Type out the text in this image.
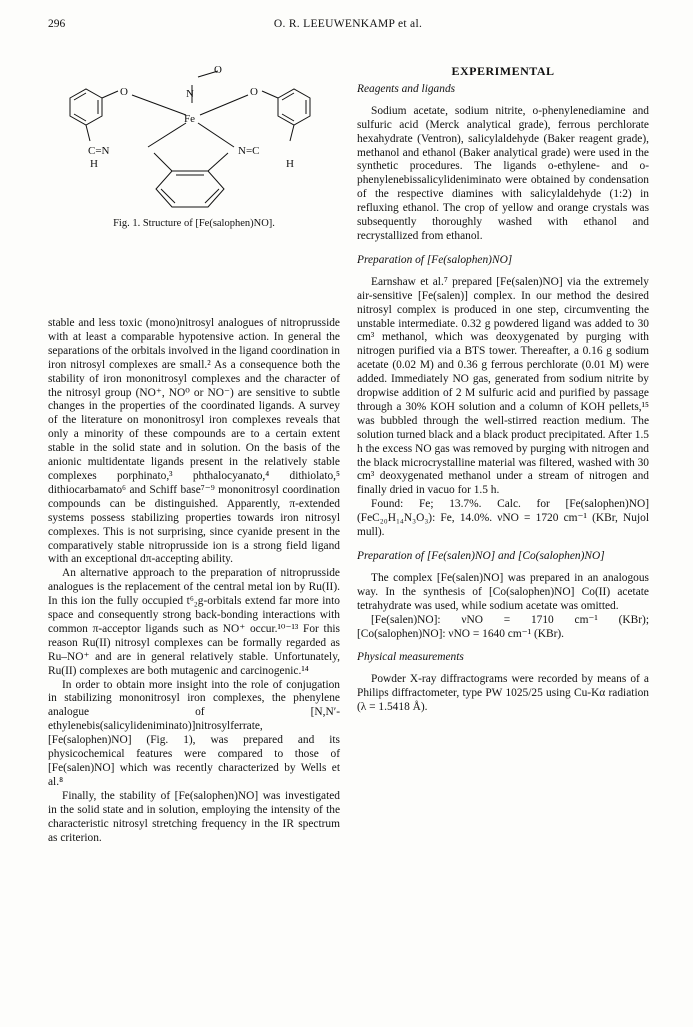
296	O. R. LEEUWENKAMP et al.
O
N
Fe
O	O
C=N	N=C
H	H
Fig. 1. Structure of [Fe(salophen)NO].

stable and less toxic (mono)nitrosyl analogues of nitroprusside with at least a comparable hypotensive action. In general the separations of the orbitals involved in the ligand coordination in iron nitrosyl complexes are small.² As a consequence both the stability of iron mononitrosyl complexes and the character of the nitrosyl group (NO⁺, NO⁰ or NO⁻) are sensitive to subtle changes in the properties of the coordinated ligands. A survey of the literature on mononitrosyl iron complexes reveals that only a minority of these compounds are to a certain extent stable in the solid state and in solution. On the basis of the anionic multidentate ligands present in the relatively stable complexes porphinato,³ phthalocyanato,⁴ dithiolato,⁵ dithiocarbamato⁶ and Schiff base⁷⁻⁹ mononitrosyl coordination compounds can be distinguished. Apparently, π-extended systems possess stabilizing properties towards iron nitrosyl complexes. This is not surprising, since cyanide present in the comparatively stable nitroprusside ion is a strong field ligand with an exceptional dπ-accepting ability.

An alternative approach to the preparation of nitroprusside analogues is the replacement of the central metal ion by Ru(II). In this ion the fully occupied t⁶₂g-orbitals extend far more into space and consequently strong back-bonding interactions with common π-acceptor ligands such as NO⁺ occur.¹⁰⁻¹³ For this reason Ru(II) nitrosyl complexes can be formally regarded as Ru–NO⁺ and are in general relatively stable. Unfortunately, Ru(II) complexes are both mutagenic and carcinogenic.¹⁴

In order to obtain more insight into the role of conjugation in stabilizing mononitrosyl iron complexes, the phenylene analogue of [N,N′-ethylenebis(salicylideniminato)]nitrosylferrate, [Fe(salophen)NO] (Fig. 1), was prepared and its physicochemical features were compared to those of [Fe(salen)NO] which was recently characterized by Wells et al.⁸

Finally, the stability of [Fe(salophen)NO] was investigated in the solid state and in solution, employing the intensity of the characteristic nitrosyl stretching frequency in the IR spectrum as criterion.

EXPERIMENTAL
Reagents and ligands

Sodium acetate, sodium nitrite, o-phenylenediamine and sulfuric acid (Merck analytical grade), ferrous perchlorate hexahydrate (Ventron), salicylaldehyde (Baker reagent grade), methanol and ethanol (Baker analytical grade) were used in the synthetic procedures. The ligands o-ethylene- and o-phenylenebissalicylideniminato were obtained by condensation of the respective diamines with salicylaldehyde (1:2) in refluxing ethanol. The crop of yellow and orange crystals was subsequently thoroughly washed with ethanol and recrystallized from ethanol.

Preparation of [Fe(salophen)NO]

Earnshaw et al.⁷ prepared [Fe(salen)NO] via the extremely air-sensitive [Fe(salen)] complex. In our method the desired nitrosyl complex is produced in one step, circumventing the unstable intermediate. 0.32 g powdered ligand was added to 30 cm³ methanol, which was deoxygenated by purging with nitrogen purified via a BTS tower. Thereafter, a 0.16 g sodium acetate (0.02 M) and 0.36 g ferrous perchlorate (0.01 M) were added. Immediately NO gas, generated from sodium nitrite by dropwise addition of 2 M sulfuric acid and purified by passage through a 30% KOH solution and a column of KOH pellets,¹⁵ was bubbled through the well-stirred reaction medium. The solution turned black and a black product precipitated. After 1.5 h the excess NO gas was removed by purging with nitrogen and the black microcrystalline material was filtered, washed with 30 cm³ deoxygenated methanol under a stream of nitrogen and finally dried in vacuo for 1.5 h.

Found: Fe; 13.7%. Calc. for [Fe(salophen)NO] (FeC₂₀H₁₄N₃O₃): Fe, 14.0%. νNO = 1720 cm⁻¹ (KBr, Nujol mull).

Preparation of [Fe(salen)NO] and [Co(salophen)NO]

The complex [Fe(salen)NO] was prepared in an analogous way. In the synthesis of [Co(salophen)NO] Co(II) acetate tetrahydrate was used, while sodium acetate was omitted.

[Fe(salen)NO]: νNO = 1710 cm⁻¹ (KBr); [Co(salophen)NO]: νNO = 1640 cm⁻¹ (KBr).

Physical measurements

Powder X-ray diffractograms were recorded by means of a Philips diffractometer, type PW 1025/25 using Cu-Kα radiation (λ = 1.5418 Å).
